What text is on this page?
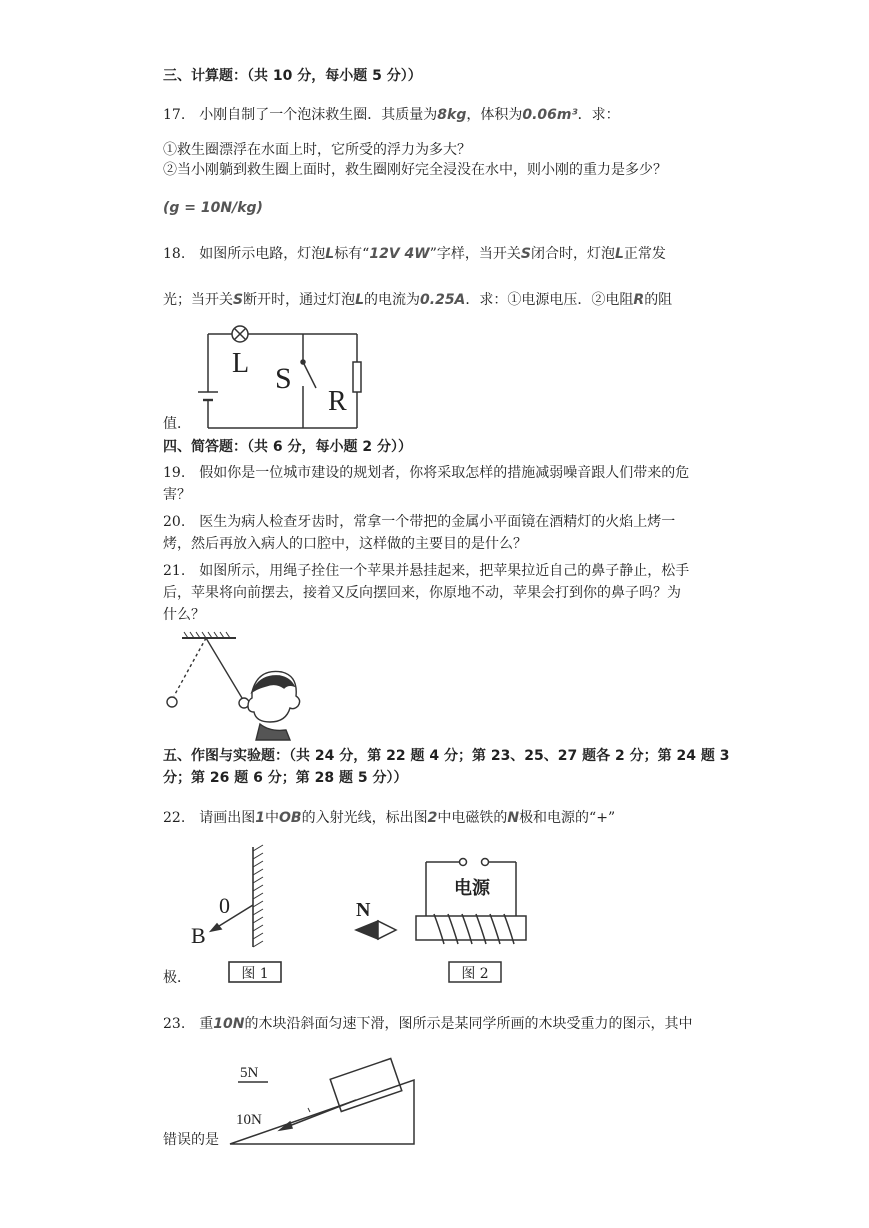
三、计算题：（共 10 分，每小题 5 分））
17.　小刚自制了一个泡沫救生圈．其质量为8kg，体积为0.06m³．求：
①救生圈漂浮在水面上时，它所受的浮力为多大？
②当小刚躺到救生圈上面时，救生圈刚好完全浸没在水中，则小刚的重力是多少？
(g = 10N/kg)
18.　如图所示电路，灯泡L标有“12V 4W”字样，当开关S闭合时，灯泡L正常发
光；当开关S断开时，通过灯泡L的电流为0.25A．求：①电源电压．②电阻R的阻
L S
R
值．
四、简答题：（共 6 分，每小题 2 分））
19.　假如你是一位城市建设的规划者，你将采取怎样的措施减弱噪音跟人们带来的危
害？
20.　医生为病人检查牙齿时，常拿一个带把的金属小平面镜在酒精灯的火焰上烤一
烤，然后再放入病人的口腔中，这样做的主要目的是什么？
21.　如图所示，用绳子拴住一个苹果并悬挂起来，把苹果拉近自己的鼻子静止，松手
后，苹果将向前摆去，接着又反向摆回来，你原地不动，苹果会打到你的鼻子吗？为
什么？
五、作图与实验题：（共 24 分，第 22 题 4 分；第 23、25、27 题各 2 分；第 24 题 3
分；第 26 题 6 分；第 28 题 5 分））
22.　请画出图1中OB的入射光线，标出图2中电磁铁的N极和电源的“+”
0
B
图 1
极．
电源
N
图 2
23.　重10N的木块沿斜面匀速下滑，图所示是某同学所画的木块受重力的图示，其中
5N
10N
错误的是
